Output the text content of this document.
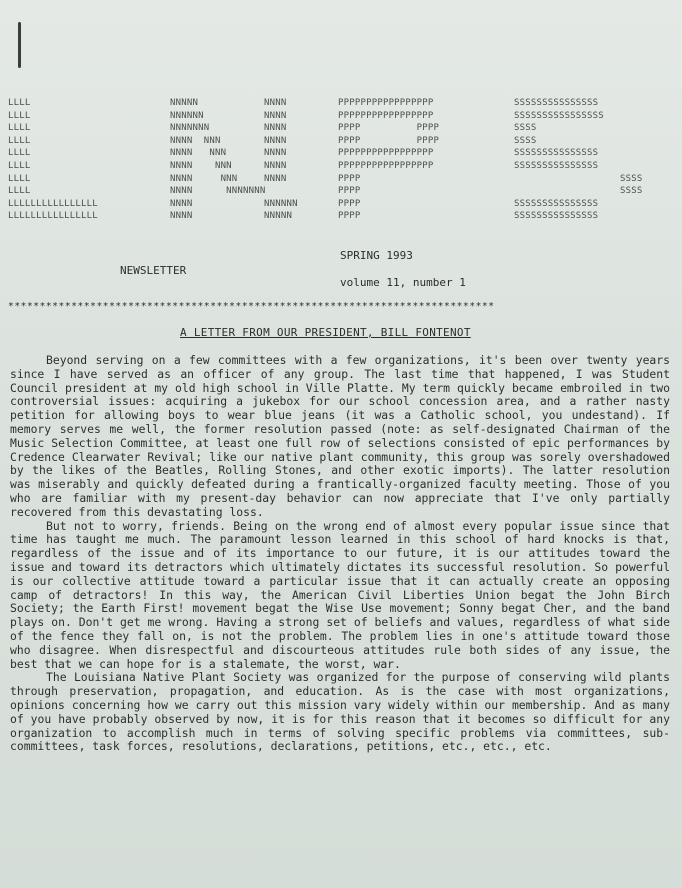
LLLL	NNNNN	NNNN	PPPPPPPPPPPPPPPPP	SSSSSSSSSSSSSSS
LLLL	NNNNNN	NNNN	PPPPPPPPPPPPPPPPP	SSSSSSSSSSSSSSSS
LLLL	NNNNNNN	NNNN	PPPP          PPPP	SSSS
LLLL	NNNN  NNN	NNNN	PPPP          PPPP	SSSS
LLLL	NNNN   NNN	NNNN	PPPPPPPPPPPPPPPPP	SSSSSSSSSSSSSSS
LLLL	NNNN    NNN	NNNN	PPPPPPPPPPPPPPPPP	SSSSSSSSSSSSSSS
LLLL	NNNN     NNN	NNNN	PPPP	SSSS
LLLL	NNNN      NNNNNNN	PPPP	SSSS
LLLLLLLLLLLLLLLL	NNNN	NNNNNN	PPPP	SSSSSSSSSSSSSSS
LLLLLLLLLLLLLLLL	NNNN	NNNNN	PPPP	SSSSSSSSSSSSSSS
SPRING 1993
NEWSLETTER
volume 11, number 1
*****************************************************************************
A LETTER FROM OUR PRESIDENT, BILL FONTENOT

Beyond serving on a few committees with a few organizations, it's been over twenty years since I have served as an officer of any group. The last time that happened, I was Student Council president at my old high school in Ville Platte. My term quickly became embroiled in two controversial issues: acquiring a jukebox for our school concession area, and a rather nasty petition for allowing boys to wear blue jeans (it was a Catholic school, you undestand). If memory serves me well, the former resolution passed (note: as self-designated Chairman of the Music Selection Committee, at least one full row of selections consisted of epic performances by Credence Clearwater Revival; like our native plant community, this group was sorely overshadowed by the likes of the Beatles, Rolling Stones, and other exotic imports). The latter resolution was miserably and quickly defeated during a frantically-organized faculty meeting. Those of you who are familiar with my present-day behavior can now appreciate that I've only partially recovered from this devastating loss.

But not to worry, friends. Being on the wrong end of almost every popular issue since that time has taught me much. The paramount lesson learned in this school of hard knocks is that, regardless of the issue and of its importance to our future, it is our attitudes toward the issue and toward its detractors which ultimately dictates its successful resolution. So powerful is our collective attitude toward a particular issue that it can actually create an opposing camp of detractors! In this way, the American Civil Liberties Union begat the John Birch Society; the Earth First! movement begat the Wise Use movement; Sonny begat Cher, and the band plays on. Don't get me wrong. Having a strong set of beliefs and values, regardless of what side of the fence they fall on, is not the problem. The problem lies in one's attitude toward those who disagree. When disrespectful and discourteous attitudes rule both sides of any issue, the best that we can hope for is a stalemate, the worst, war.

The Louisiana Native Plant Society was organized for the purpose of conserving wild plants through preservation, propagation, and education. As is the case with most organizations, opinions concerning how we carry out this mission vary widely within our membership. And as many of you have probably observed by now, it is for this reason that it becomes so difficult for any organization to accomplish much in terms of solving specific problems via committees, sub-committees, task forces, resolutions, declarations, petitions, etc., etc., etc.
